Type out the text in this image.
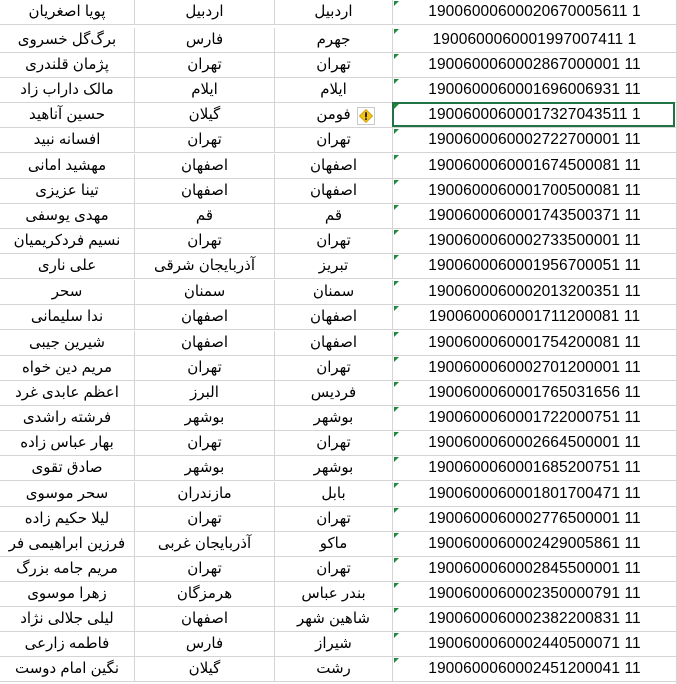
پویا اصغریان	اردبیل	اردبیل	19006000600020670005611 1
برگ‌گل خسروی	فارس	جهرم	1900600060001997007411 1
پژمان قلندری	تهران	تهران	1900600060002867000001 11
مالک داراب زاد	ایلام	ایلام	1900600060001696006931 11
حسین آناهید	گیلان	فومن	19006000600017327043511 1
افسانه نبید	تهران	تهران	1900600060002722700001 11
مهشید امانی	اصفهان	اصفهان	1900600060001674500081 11
تینا عزیزی	اصفهان	اصفهان	1900600060001700500081 11
مهدی یوسفی	قم	قم	1900600060001743500371 11
نسیم فردکریمیان	تهران	تهران	1900600060002733500001 11
علی ناری	آذربایجان شرقی	تبریز	1900600060001956700051 11
سحر	سمنان	سمنان	1900600060002013200351 11
ندا سلیمانی	اصفهان	اصفهان	1900600060001711200081 11
شیرین جیبی	اصفهان	اصفهان	1900600060001754200081 11
مریم دین خواه	تهران	تهران	1900600060002701200001 11
اعظم عابدی غرد	البرز	فردیس	1900600060001765031656 11
فرشته راشدی	بوشهر	بوشهر	1900600060001722000751 11
بهار عباس زاده	تهران	تهران	1900600060002664500001 11
صادق تقوی	بوشهر	بوشهر	1900600060001685200751 11
سحر موسوی	مازندران	بابل	1900600060001801700471 11
لیلا حکیم زاده	تهران	تهران	1900600060002776500001 11
فرزین ابراهیمی فر	آذربایجان غربی	ماکو	1900600060002429005861 11
مریم جامه بزرگ	تهران	تهران	1900600060002845500001 11
زهرا موسوی	هرمزگان	بندر عباس	1900600060002350000791 11
لیلی جلالی نژاد	اصفهان	شاهین شهر	1900600060002382200831 11
فاطمه زارعی	فارس	شیراز	1900600060002440500071 11
نگین امام دوست	گیلان	رشت	1900600060002451200041 11
